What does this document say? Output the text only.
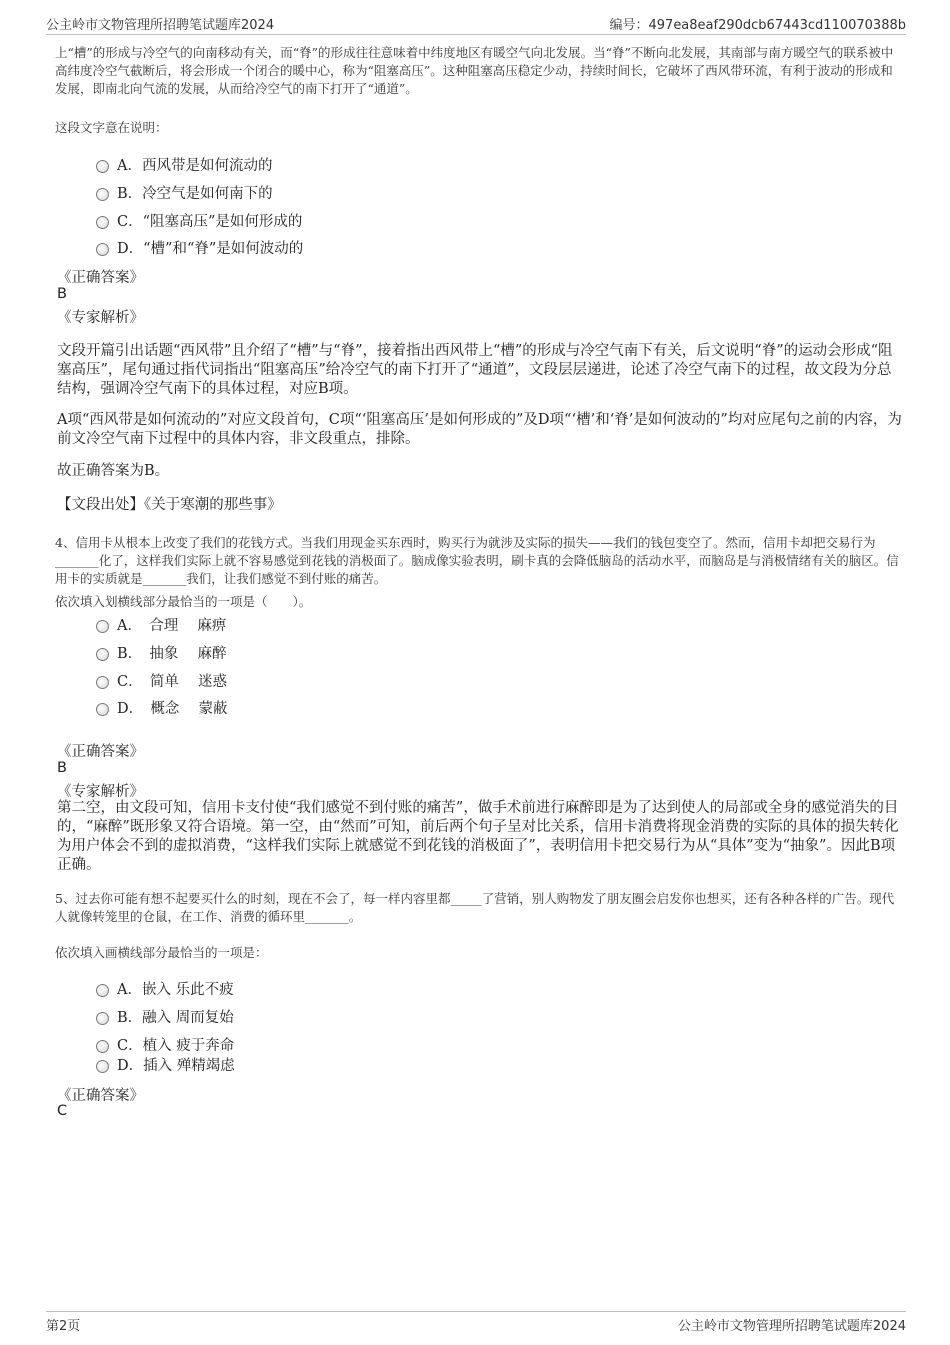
公主岭市文物管理所招聘笔试题库2024	编号：497ea8eaf290dcb67443cd110070388b
上“槽”的形成与冷空气的向南移动有关，而“脊”的形成往往意味着中纬度地区有暖空气向北发展。当“脊”不断向北发展，其南部与南方暖空气的联系被中高纬度冷空气截断后，将会形成一个闭合的暖中心，称为“阻塞高压”。这种阻塞高压稳定少动，持续时间长，它破坏了西风带环流，有利于波动的形成和发展，即南北向气流的发展，从而给冷空气的南下打开了“通道”。
这段文字意在说明：
A．西风带是如何流动的
B．冷空气是如何南下的
C．“阻塞高压”是如何形成的
D．“槽”和“脊”是如何波动的
《正确答案》
B
《专家解析》
文段开篇引出话题“西风带”且介绍了“槽”与“脊”，接着指出西风带上“槽”的形成与冷空气南下有关，后文说明“脊”的运动会形成“阻塞高压”，尾句通过指代词指出“阻塞高压”给冷空气的南下打开了“通道”，文段层层递进，论述了冷空气南下的过程，故文段为分总结构，强调冷空气南下的具体过程，对应B项。
A项“西风带是如何流动的”对应文段首句，C项“‘阻塞高压’是如何形成的”及D项“‘槽’和‘脊’是如何波动的”均对应尾句之前的内容，为前文冷空气南下过程中的具体内容，非文段重点，排除。
故正确答案为B。
【文段出处】《关于寒潮的那些事》
4、信用卡从根本上改变了我们的花钱方式。当我们用现金买东西时，购买行为就涉及实际的损失——我们的钱包变空了。然而，信用卡却把交易行为_______化了，这样我们实际上就不容易感觉到花钱的消极面了。脑成像实验表明，刷卡真的会降低脑岛的活动水平，而脑岛是与消极情绪有关的脑区。信用卡的实质就是_______我们，让我们感觉不到付账的痛苦。
依次填入划横线部分最恰当的一项是（　　）。
A．　合理　 麻痹
B．　抽象　 麻醉
C．　简单　 迷惑
D．　概念　 蒙蔽
《正确答案》
B
《专家解析》
第二空，由文段可知，信用卡支付使“我们感觉不到付账的痛苦”，做手术前进行麻醉即是为了达到使人的局部或全身的感觉消失的目的，“麻醉”既形象又符合语境。第一空，由“然而”可知，前后两个句子呈对比关系，信用卡消费将现金消费的实际的具体的损失转化为用户体会不到的虚拟消费，“这样我们实际上就感觉不到花钱的消极面了”，表明信用卡把交易行为从“具体”变为“抽象”。因此B项正确。
5、过去你可能有想不起要买什么的时刻，现在不会了，每一样内容里都_____了营销，别人购物发了朋友圈会启发你也想买，还有各种各样的广告。现代人就像转笼里的仓鼠，在工作、消费的循环里_______。
依次填入画横线部分最恰当的一项是：
A．嵌入 乐此不疲
B．融入 周而复始
C．植入 疲于奔命
D．插入 殚精竭虑
《正确答案》
C
第2页	公主岭市文物管理所招聘笔试题库2024
